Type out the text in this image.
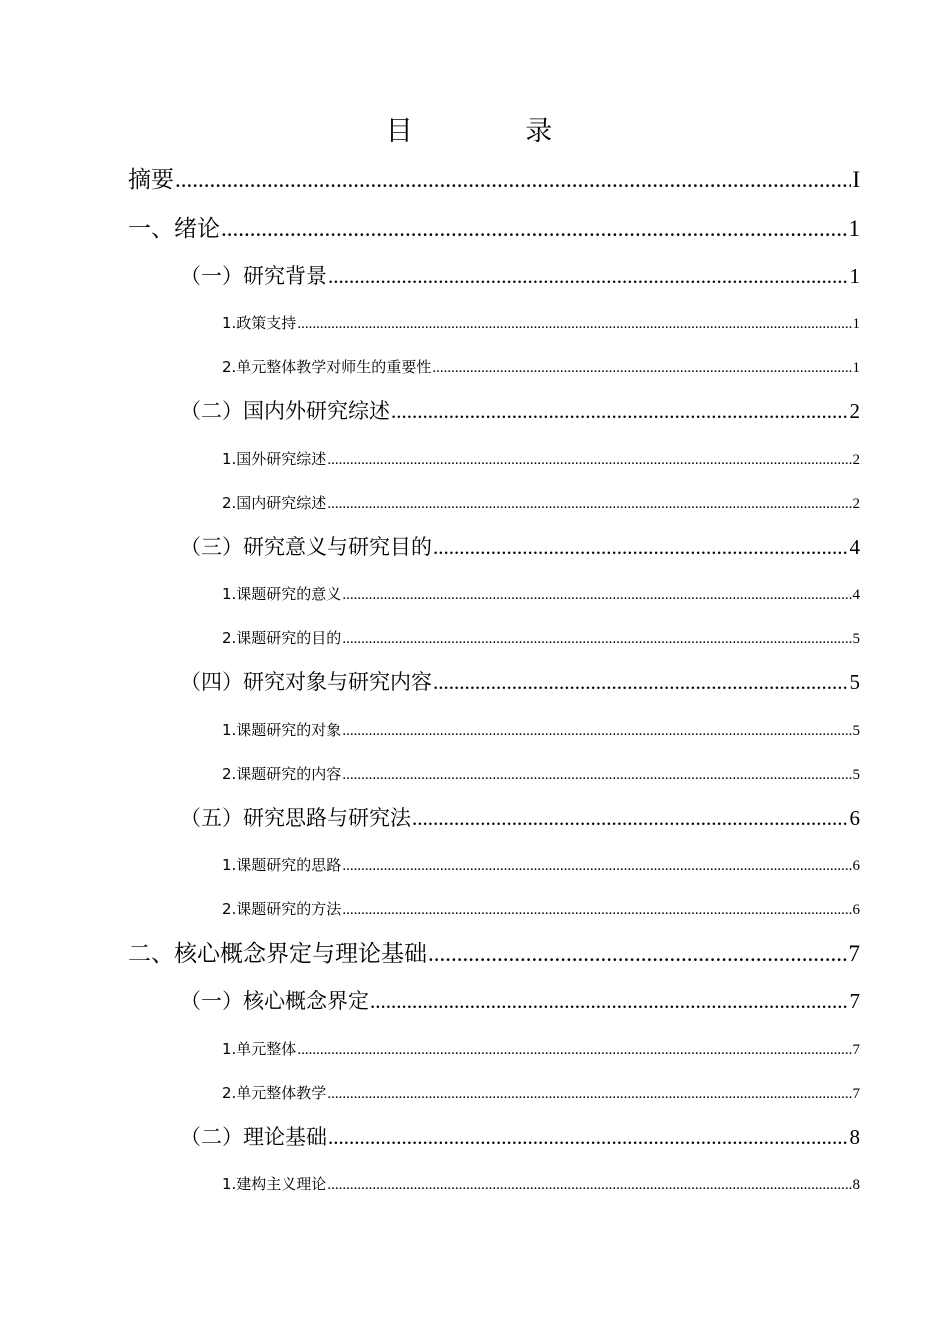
目 录
摘要 .....	I
一、绪论 .....	1
（一）研究背景 .....	1
1.政策支持 .....	1
2.单元整体教学对师生的重要性 .....	1
（二）国内外研究综述 .....	2
1.国外研究综述 .....	2
2.国内研究综述 .....	2
（三）研究意义与研究目的 .....	4
1.课题研究的意义 .....	4
2.课题研究的目的 .....	5
（四）研究对象与研究内容 .....	5
1.课题研究的对象 .....	5
2.课题研究的内容 .....	5
（五）研究思路与研究法 .....	6
1.课题研究的思路 .....	6
2.课题研究的方法 .....	6
二、核心概念界定与理论基础 .....	7
（一）核心概念界定 .....	7
1.单元整体 .....	7
2.单元整体教学 .....	7
（二）理论基础 .....	8
1.建构主义理论 .....	8
